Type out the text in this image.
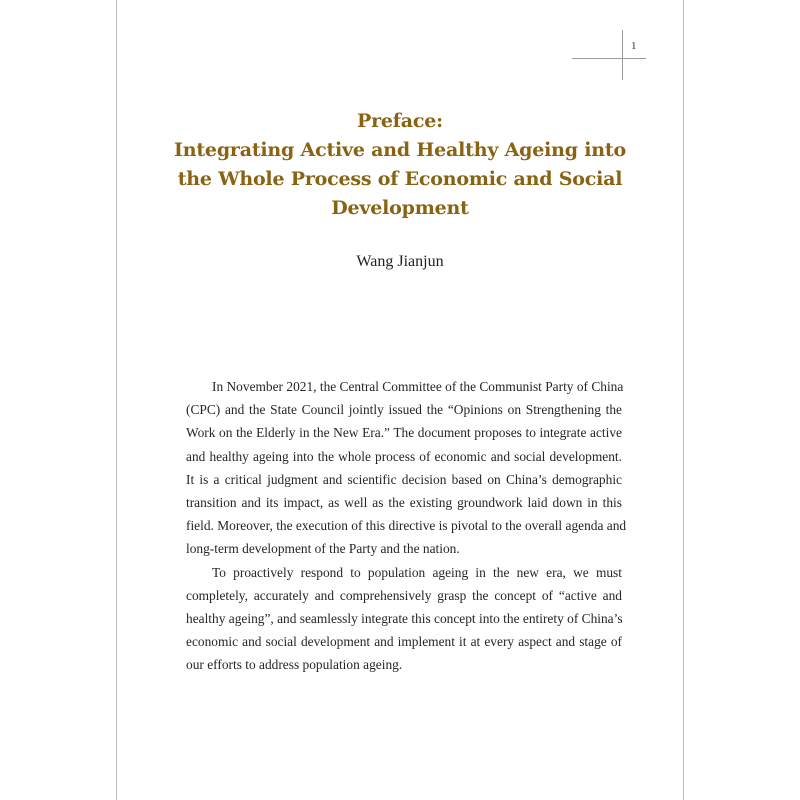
1
Preface:
Integrating Active and Healthy Ageing into
the Whole Process of Economic and Social
Development
Wang Jianjun

In November 2021, the Central Committee of the Communist Party of China
(CPC) and the State Council jointly issued the “Opinions on Strengthening the
Work on the Elderly in the New Era.” The document proposes to integrate active
and healthy ageing into the whole process of economic and social development.
It is a critical judgment and scientific decision based on China’s demographic
transition and its impact, as well as the existing groundwork laid down in this
field. Moreover, the execution of this directive is pivotal to the overall agenda and
long-term development of the Party and the nation.

To proactively respond to population ageing in the new era, we must
completely, accurately and comprehensively grasp the concept of “active and
healthy ageing”, and seamlessly integrate this concept into the entirety of China’s
economic and social development and implement it at every aspect and stage of
our efforts to address population ageing.
